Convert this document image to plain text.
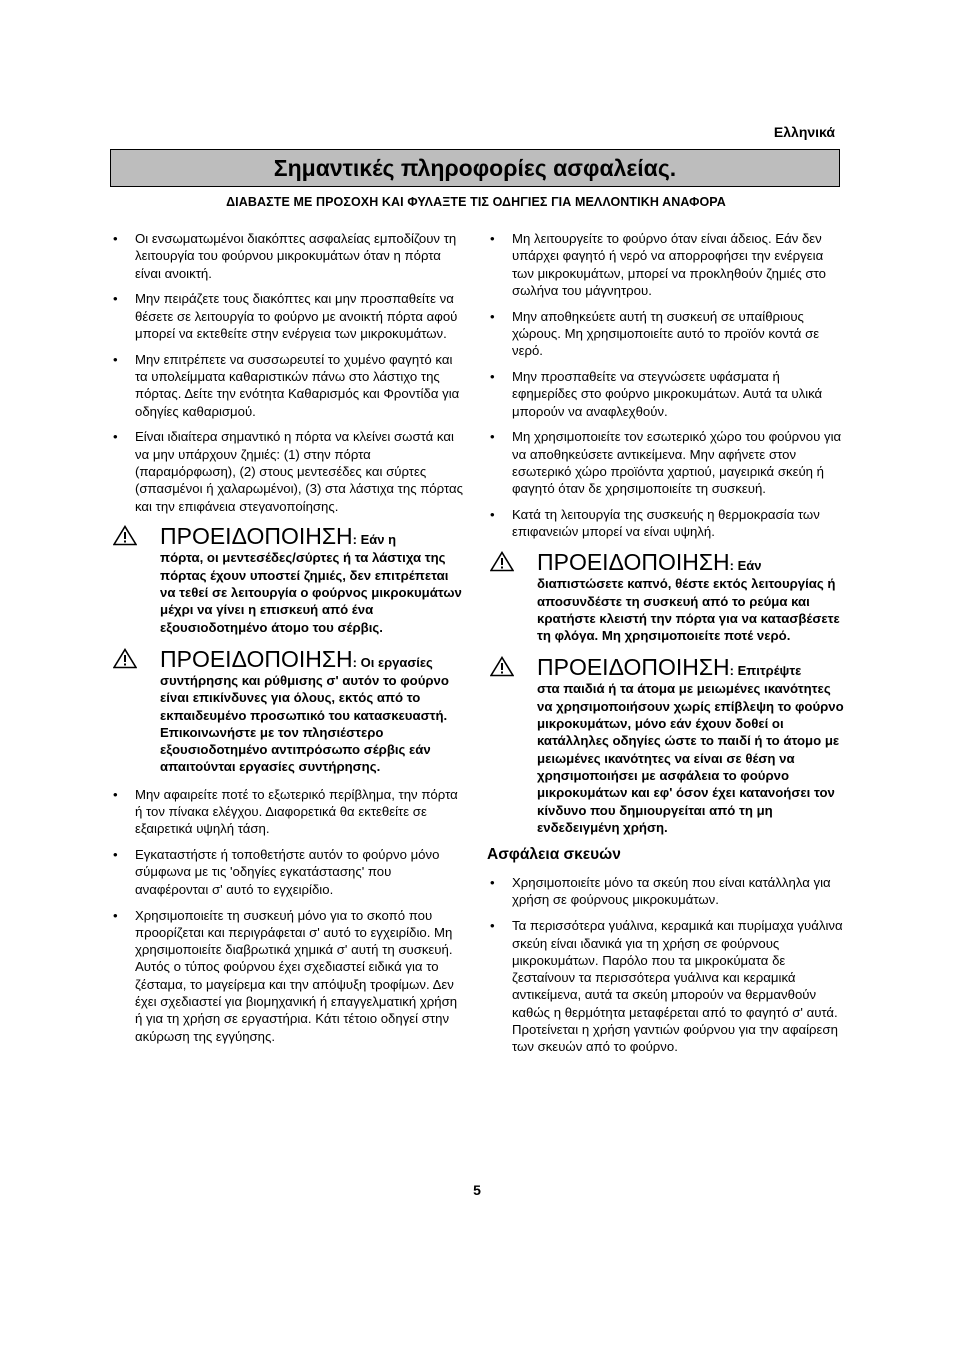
Ελληνικά
Σημαντικές πληροφορίες ασφαλείας.
ΔΙΑΒΑΣΤΕ ΜΕ ΠΡΟΣΟΧΗ ΚΑΙ ΦΥΛΑΞΤΕ ΤΙΣ ΟΔΗΓΙΕΣ ΓΙΑ ΜΕΛΛΟΝΤΙΚΗ ΑΝΑΦΟΡΑ
• Οι ενσωματωμένοι διακόπτες ασφαλείας εμποδίζουν τη λειτουργία του φούρνου μικροκυμάτων όταν η πόρτα είναι ανοικτή.
• Μην πειράζετε τους διακόπτες και μην προσπαθείτε να θέσετε σε λειτουργία το φούρνο με ανοικτή πόρτα αφού μπορεί να εκτεθείτε στην ενέργεια των μικροκυμάτων.
• Μην επιτρέπετε να συσσωρευτεί το χυμένο φαγητό και τα υπολείμματα καθαριστικών πάνω στο λάστιχο της πόρτας. Δείτε την ενότητα Καθαρισμός και Φροντίδα για οδηγίες καθαρισμού.
• Είναι ιδιαίτερα σημαντικό η πόρτα να κλείνει σωστά και να μην υπάρχουν ζημιές: (1) στην πόρτα (παραμόρφωση), (2) στους μεντεσέδες και σύρτες (σπασμένοι ή χαλαρωμένοι), (3) στα λάστιχα της πόρτας και την επιφάνεια στεγανοποίησης.
ΠΡΟΕΙΔΟΠΟΙΗΣΗ: Εάν η
πόρτα, οι μεντεσέδες/σύρτες ή τα λάστιχα της πόρτας έχουν υποστεί ζημιές, δεν επιτρέπεται να τεθεί σε λειτουργία ο φούρνος μικροκυμάτων μέχρι να γίνει η επισκευή από ένα εξουσιοδοτημένο άτομο του σέρβις.
ΠΡΟΕΙΔΟΠΟΙΗΣΗ: Οι εργασίες
συντήρησης και ρύθμισης σ' αυτόν το φούρνο είναι επικίνδυνες για όλους, εκτός από το εκπαιδευμένο προσωπικό του κατασκευαστή. Επικοινωνήστε με τον πλησιέστερο εξουσιοδοτημένο αντιπρόσωπο σέρβις εάν απαιτούνται εργασίες συντήρησης.
• Μην αφαιρείτε ποτέ το εξωτερικό περίβλημα, την πόρτα ή τον πίνακα ελέγχου. Διαφορετικά θα εκτεθείτε σε εξαιρετικά υψηλή τάση.
• Εγκαταστήστε ή τοποθετήστε αυτόν το φούρνο μόνο σύμφωνα με τις 'οδηγίες εγκατάστασης' που αναφέρονται σ' αυτό το εγχειρίδιο.
• Χρησιμοποιείτε τη συσκευή μόνο για το σκοπό που προορίζεται και περιγράφεται σ' αυτό το εγχειρίδιο. Μη χρησιμοποιείτε διαβρωτικά χημικά σ' αυτή τη συσκευή. Αυτός ο τύπος φούρνου έχει σχεδιαστεί ειδικά για το ζέσταμα, το μαγείρεμα και την απόψυξη τροφίμων. Δεν έχει σχεδιαστεί για βιομηχανική ή επαγγελματική χρήση ή για τη χρήση σε εργαστήρια. Κάτι τέτοιο οδηγεί στην ακύρωση της εγγύησης.
• Μη λειτουργείτε το φούρνο όταν είναι άδειος. Εάν δεν υπάρχει φαγητό ή νερό να απορροφήσει την ενέργεια των μικροκυμάτων, μπορεί να προκληθούν ζημιές στο σωλήνα του μάγνητρου.
• Μην αποθηκεύετε αυτή τη συσκευή σε υπαίθριους χώρους. Μη χρησιμοποιείτε αυτό το προϊόν κοντά σε νερό.
• Μην προσπαθείτε να στεγνώσετε υφάσματα ή εφημερίδες στο φούρνο μικροκυμάτων. Αυτά τα υλικά μπορούν να αναφλεχθούν.
• Μη χρησιμοποιείτε τον εσωτερικό χώρο του φούρνου για να αποθηκεύσετε αντικείμενα. Μην αφήνετε στον εσωτερικό χώρο προϊόντα χαρτιού, μαγειρικά σκεύη ή φαγητό όταν δε χρησιμοποιείτε τη συσκευή.
• Κατά τη λειτουργία της συσκευής η θερμοκρασία των επιφανειών μπορεί να είναι υψηλή.
ΠΡΟΕΙΔΟΠΟΙΗΣΗ: Εάν
διαπιστώσετε καπνό, θέστε εκτός λειτουργίας ή αποσυνδέστε τη συσκευή από το ρεύμα και κρατήστε κλειστή την πόρτα για να κατασβέσετε τη φλόγα. Μη χρησιμοποιείτε ποτέ νερό.
ΠΡΟΕΙΔΟΠΟΙΗΣΗ: Επιτρέψτε
στα παιδιά ή τα άτομα με μειωμένες ικανότητες να χρησιμοποιήσουν χωρίς επίβλεψη το φούρνο μικροκυμάτων, μόνο εάν έχουν δοθεί οι κατάλληλες οδηγίες ώστε το παιδί ή το άτομο με μειωμένες ικανότητες να είναι σε θέση να χρησιμοποιήσει με ασφάλεια το φούρνο μικροκυμάτων και εφ' όσον έχει κατανοήσει τον κίνδυνο που δημιουργείται από τη μη ενδεδειγμένη χρήση.
Ασφάλεια σκευών
• Χρησιμοποιείτε μόνο τα σκεύη που είναι κατάλληλα για χρήση σε φούρνους μικροκυμάτων.
• Τα περισσότερα γυάλινα, κεραμικά και πυρίμαχα γυάλινα σκεύη είναι ιδανικά για τη χρήση σε φούρνους μικροκυμάτων. Παρόλο που τα μικροκύματα δε ζεσταίνουν τα περισσότερα γυάλινα και κεραμικά αντικείμενα, αυτά τα σκεύη μπορούν να θερμανθούν καθώς η θερμότητα μεταφέρεται από το φαγητό σ' αυτά. Προτείνεται η χρήση γαντιών φούρνου για την αφαίρεση των σκευών από το φούρνο.
5
